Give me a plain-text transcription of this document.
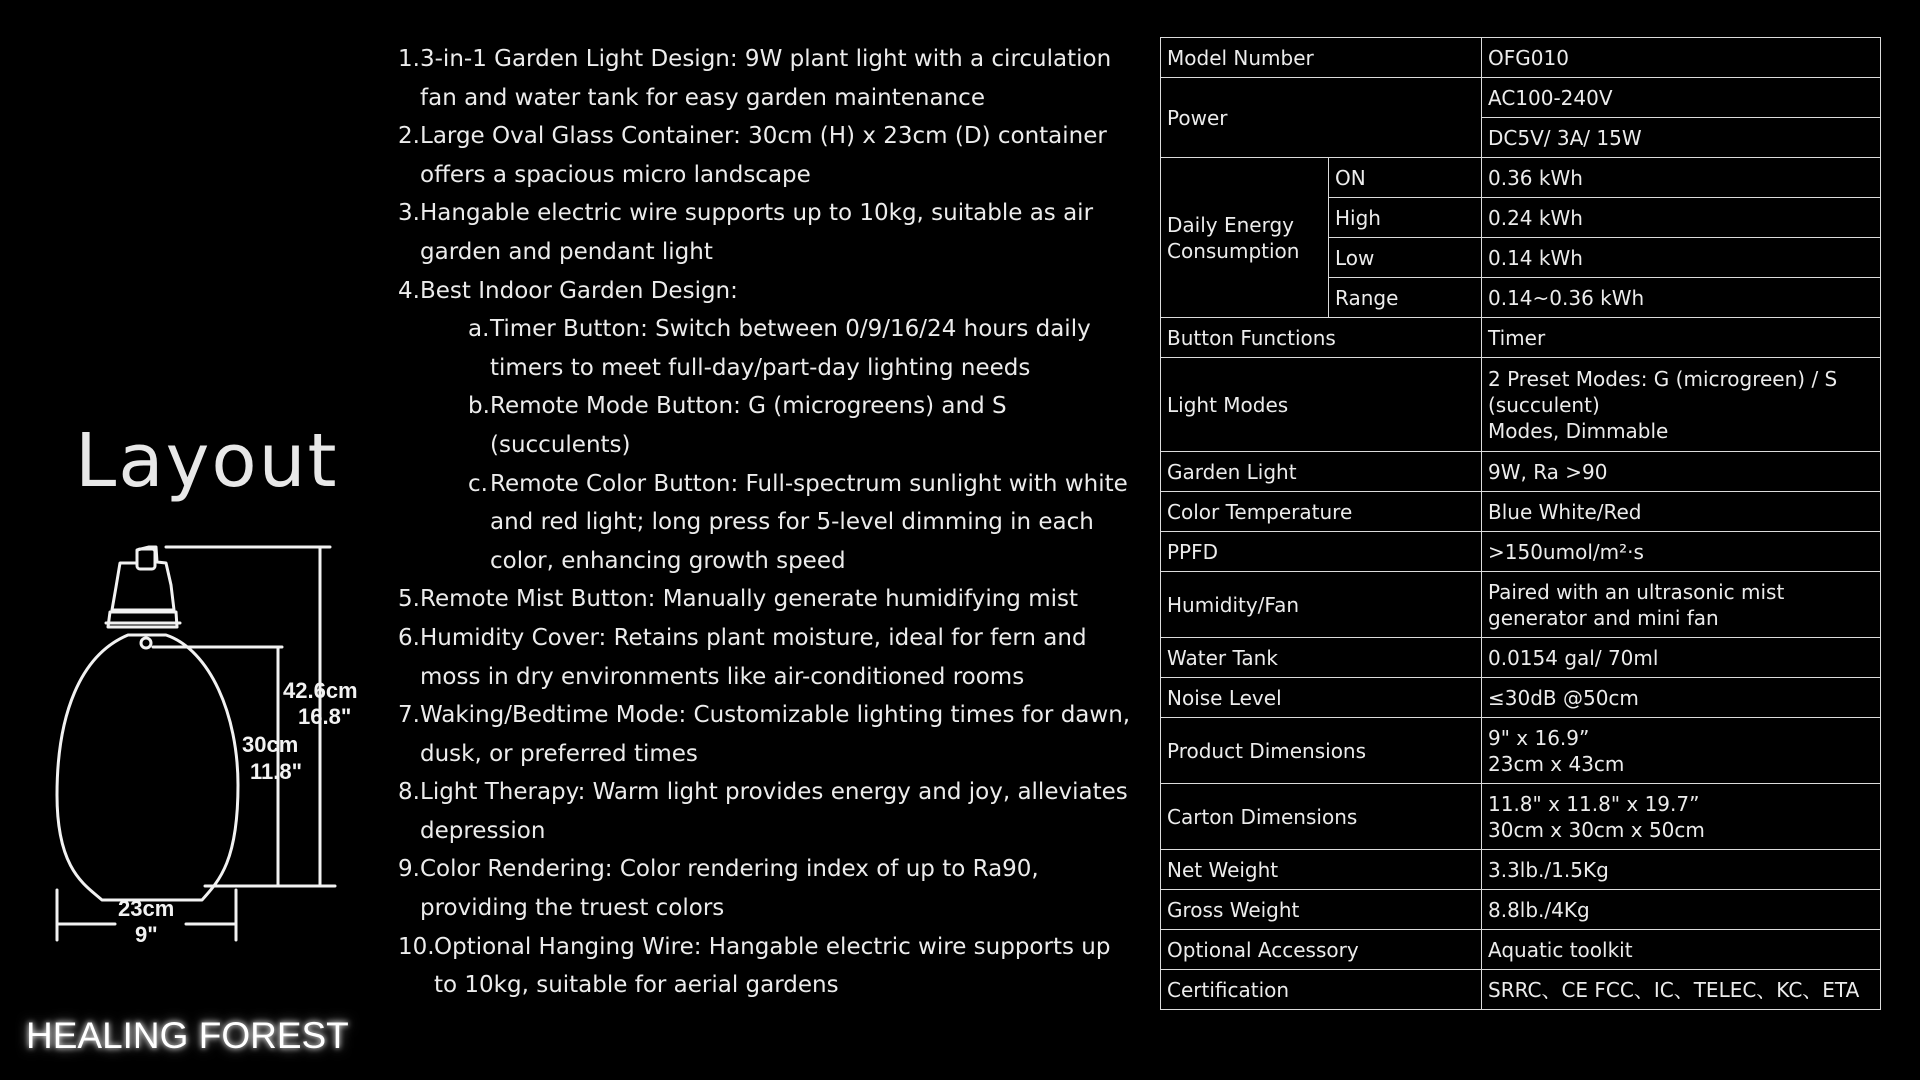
Layout
42.6cm
16.8"
30cm
11.8"
23cm
9"
HEALING FOREST
1. 3-in-1 Garden Light Design: 9W plant light with a circulation fan and water tank for easy garden maintenance
2. Large Oval Glass Container: 30cm (H) x 23cm (D) container offers a spacious micro landscape
3. Hangable electric wire supports up to 10kg, suitable as air garden and pendant light
4. Best Indoor Garden Design:
a. Timer Button: Switch between 0/9/16/24 hours daily timers to meet full-day/part-day lighting needs
b. Remote Mode Button: G (microgreens) and S (succulents)
c. Remote Color Button: Full-spectrum sunlight with white and red light; long press for 5-level dimming in each color, enhancing growth speed
5. Remote Mist Button: Manually generate humidifying mist
6. Humidity Cover: Retains plant moisture, ideal for fern and moss in dry environments like air-conditioned rooms
7. Waking/Bedtime Mode: Customizable lighting times for dawn, dusk, or preferred times
8. Light Therapy: Warm light provides energy and joy, alleviates depression
9. Color Rendering: Color rendering index of up to Ra90, providing the truest colors
10. Optional Hanging Wire: Hangable electric wire supports up to 10kg, suitable for aerial gardens
Model Number		OFG010
Power		AC100-240V
		DC5V/ 3A/ 15W
Daily Energy Consumption	ON	0.36 kWh
	High	0.24 kWh
	Low	0.14 kWh
	Range	0.14~0.36 kWh
Button Functions		Timer

Light Modes		2 Preset Modes: G (microgreen) / S (succulent)
Modes, Dimmable

Garden Light		9W, Ra >90

Color Temperature		Blue White/Red

PPFD		>150umol/m²·s

Humidity/Fan		Paired with an ultrasonic mist generator and mini fan

Water Tank		0.0154 gal/ 70ml

Noise Level		≤30dB @50cm

Product Dimensions		9" x 16.9”
23cm x 43cm

Carton Dimensions		11.8" x 11.8" x 19.7”
30cm x 30cm x 50cm

Net Weight		3.3lb./1.5Kg

Gross Weight		8.8lb./4Kg

Optional Accessory		Aquatic toolkit

Certification		SRRC、CE FCC、IC、TELEC、KC、ETA
